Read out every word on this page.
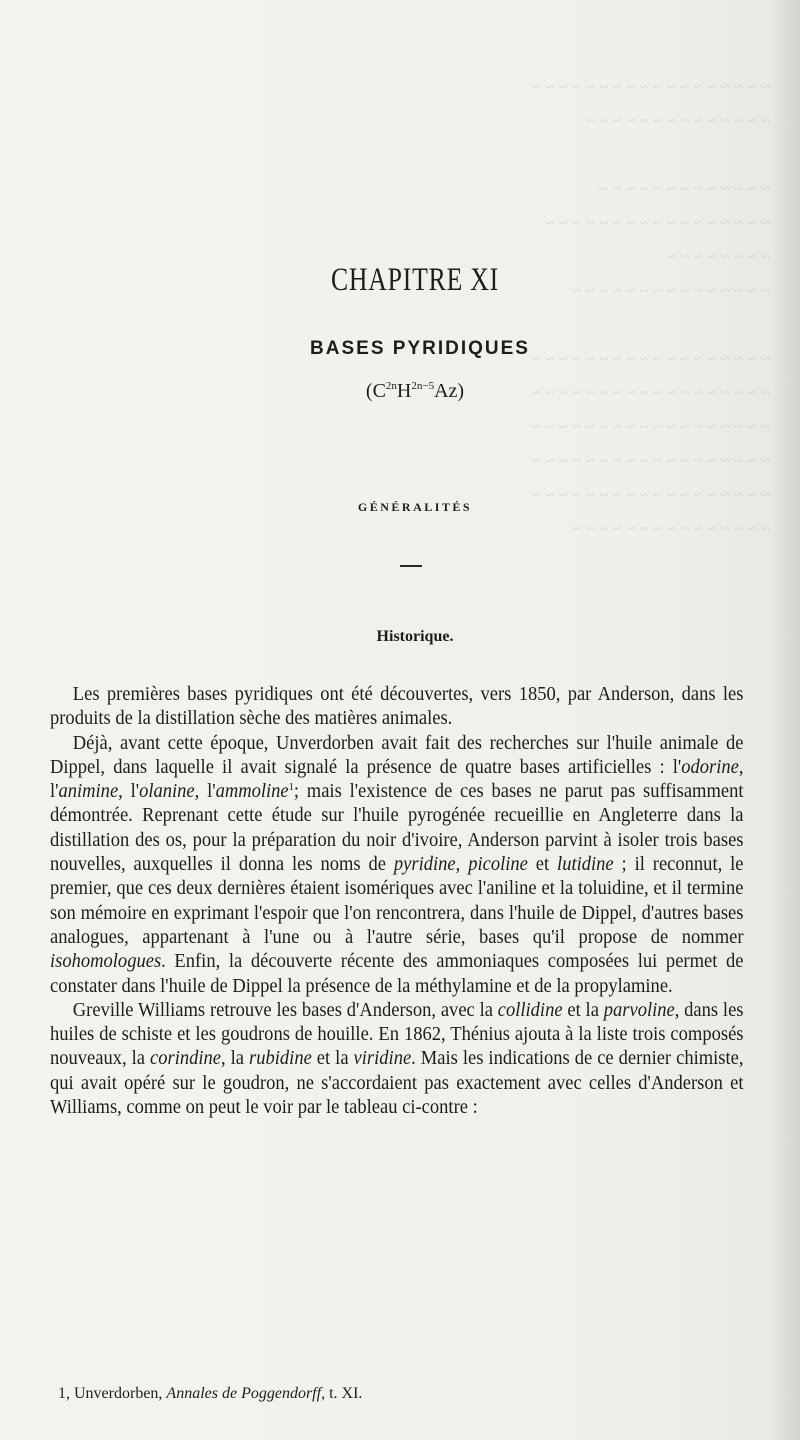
~ ~ ~ ~ ~ ~ ~ ~ ~ ~ ~ ~ ~ ~ ~ ~ ~ ~
~ ~ ~ ~ ~ ~ ~ ~ ~ ~ ~ ~ ~ ~

~ ~ ~ ~ ~ ~ ~ ~ ~ ~ ~ ~ ~
~ ~ ~ ~ ~ ~ ~ ~ ~ ~ ~ ~ ~ ~ ~ ~ ~
~ ~ ~ ~ ~ ~ ~ ~
~ ~ ~ ~ ~ ~ ~ ~ ~ ~ ~ ~ ~ ~ ~

~ ~ ~ ~ ~ ~ ~ ~ ~ ~ ~ ~ ~ ~ ~ ~ ~ ~
~ ~ ~ ~ ~ ~ ~ ~ ~ ~ ~ ~ ~ ~ ~ ~ ~ ~
~ ~ ~ ~ ~ ~ ~ ~ ~ ~ ~ ~ ~ ~ ~ ~ ~ ~
~ ~ ~ ~ ~ ~ ~ ~ ~ ~ ~ ~ ~ ~ ~ ~ ~ ~
~ ~ ~ ~ ~ ~ ~ ~ ~ ~ ~ ~ ~ ~ ~ ~ ~ ~
~ ~ ~ ~ ~ ~ ~ ~ ~ ~ ~ ~ ~ ~ ~
CHAPITRE XI
BASES PYRIDIQUES
$(C^{2n}H^{2n-5}Az)$
GÉNÉRALITÉS
Historique.

Les premières bases pyridiques ont été découvertes, vers 1850, par Anderson, dans les produits de la distillation sèche des matières animales.

Déjà, avant cette époque, Unverdorben avait fait des recherches sur l'huile animale de Dippel, dans laquelle il avait signalé la présence de quatre bases artificielles : l'odorine, l'animine, l'olanine, l'ammoline$^1$; mais l'existence de ces bases ne parut pas suffisamment démontrée. Reprenant cette étude sur l'huile pyrogénée recueillie en Angleterre dans la distillation des os, pour la préparation du noir d'ivoire, Anderson parvint à isoler trois bases nouvelles, auxquelles il donna les noms de pyridine, picoline et lutidine ; il reconnut, le premier, que ces deux dernières étaient isomériques avec l'aniline et la toluidine, et il termine son mémoire en exprimant l'espoir que l'on rencontrera, dans l'huile de Dippel, d'autres bases analogues, appartenant à l'une ou à l'autre série, bases qu'il propose de nommer isohomologues. Enfin, la découverte récente des ammoniaques composées lui permet de constater dans l'huile de Dippel la présence de la méthylamine et de la propylamine.

Greville Williams retrouve les bases d'Anderson, avec la collidine et la parvoline, dans les huiles de schiste et les goudrons de houille. En 1862, Thénius ajouta à la liste trois composés nouveaux, la corindine, la rubidine et la viridine. Mais les indications de ce dernier chimiste, qui avait opéré sur le goudron, ne s'accordaient pas exactement avec celles d'Anderson et Williams, comme on peut le voir par le tableau ci-contre :

1, Unverdorben, Annales de Poggendorff, t. XI.
